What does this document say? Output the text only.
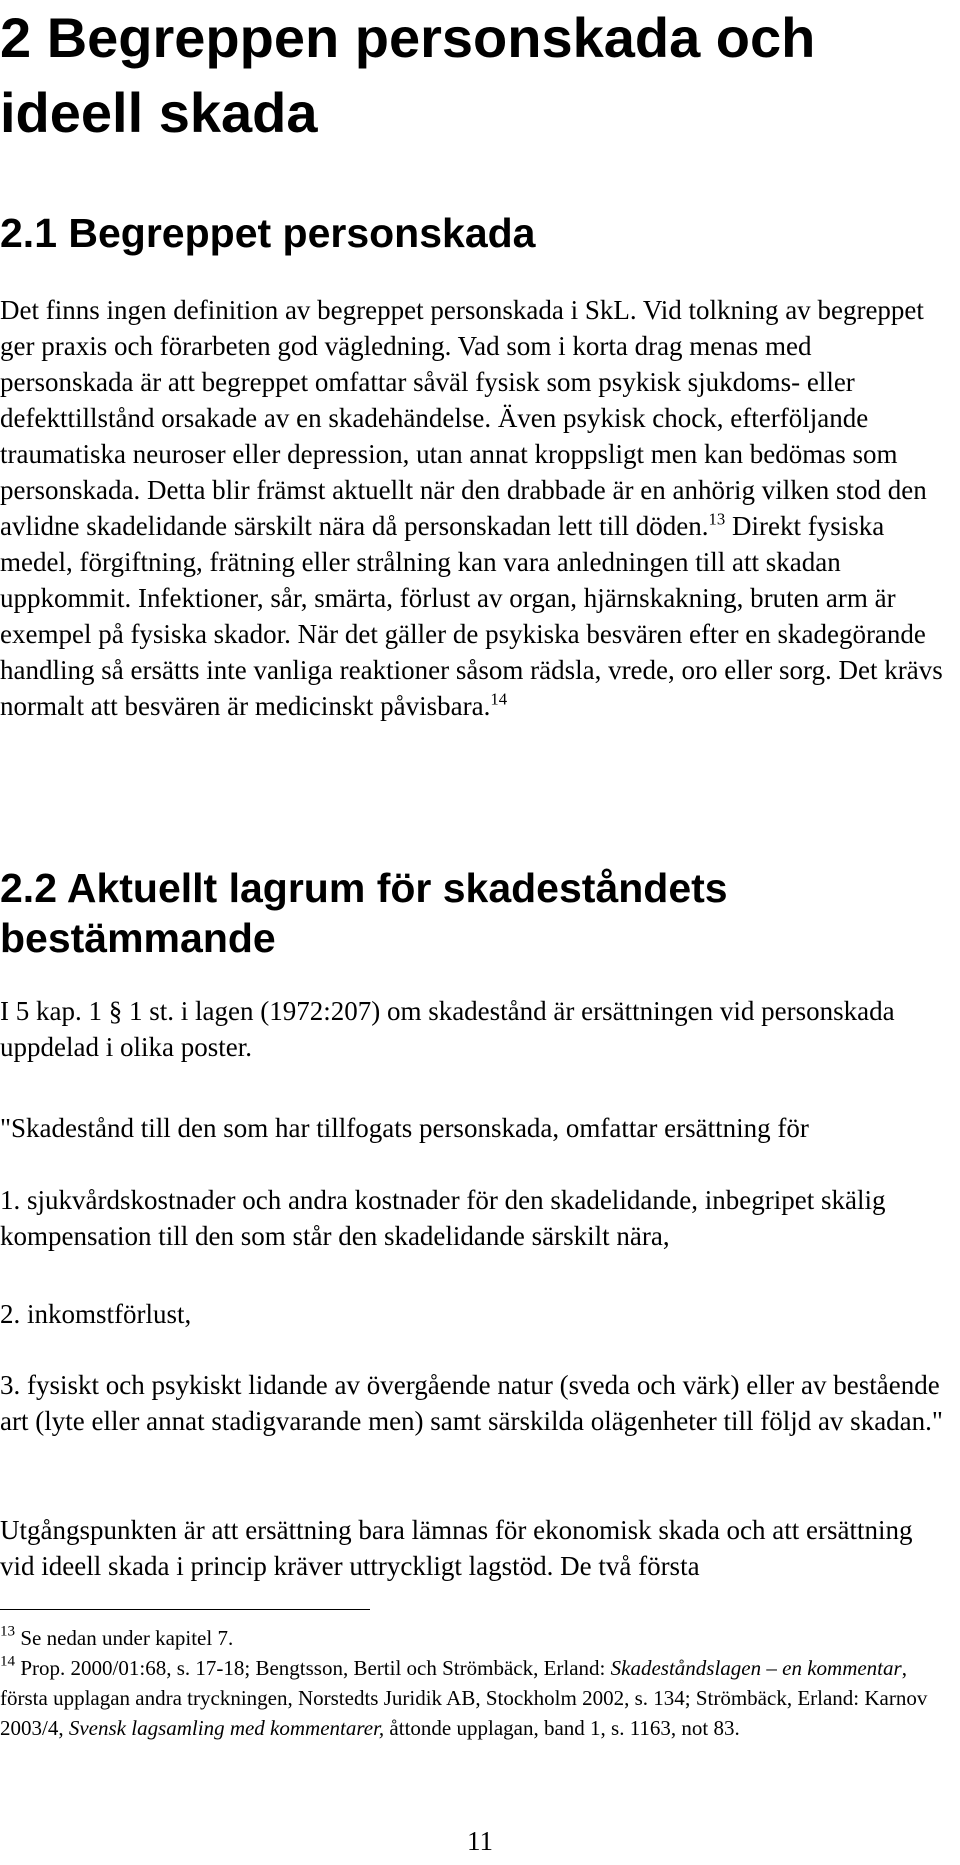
2 Begreppen personskada och ideell skada
2.1 Begreppet personskada

Det finns ingen definition av begreppet personskada i SkL. Vid tolkning av begreppet ger praxis och förarbeten god vägledning. Vad som i korta drag menas med personskada är att begreppet omfattar såväl fysisk som psykisk sjukdoms- eller defekttillstånd orsakade av en skadehändelse. Även psykisk chock, efterföljande traumatiska neuroser eller depression, utan annat kroppsligt men kan bedömas som personskada. Detta blir främst aktuellt när den drabbade är en anhörig vilken stod den avlidne skadelidande särskilt nära då personskadan lett till döden.$^{13}$ Direkt fysiska medel, förgiftning, frätning eller strålning kan vara anledningen till att skadan uppkommit. Infektioner, sår, smärta, förlust av organ, hjärnskakning, bruten arm är exempel på fysiska skador. När det gäller de psykiska besvären efter en skadegörande handling så ersätts inte vanliga reaktioner såsom rädsla, vrede, oro eller sorg. Det krävs normalt att besvären är medicinskt påvisbara.$^{14}$

2.2 Aktuellt lagrum för skadeståndets bestämmande

I 5 kap. 1 § 1 st. i lagen (1972:207) om skadestånd är ersättningen vid personskada uppdelad i olika poster.

"Skadestånd till den som har tillfogats personskada, omfattar ersättning för

1. sjukvårdskostnader och andra kostnader för den skadelidande, inbegripet skälig kompensation till den som står den skadelidande särskilt nära,

2. inkomstförlust,

3. fysiskt och psykiskt lidande av övergående natur (sveda och värk) eller av bestående art (lyte eller annat stadigvarande men) samt särskilda olägenheter till följd av skadan."

Utgångspunkten är att ersättning bara lämnas för ekonomisk skada och att ersättning vid ideell skada i princip kräver uttryckligt lagstöd. De två första

$^{13}$ Se nedan under kapitel 7.

$^{14}$ Prop. 2000/01:68, s. 17-18; Bengtsson, Bertil och Strömbäck, Erland: Skadeståndslagen – en kommentar, första upplagan andra tryckningen, Norstedts Juridik AB, Stockholm 2002, s. 134; Strömbäck, Erland: Karnov 2003/4, Svensk lagsamling med kommentarer, åttonde upplagan, band 1, s. 1163, not 83.

11
